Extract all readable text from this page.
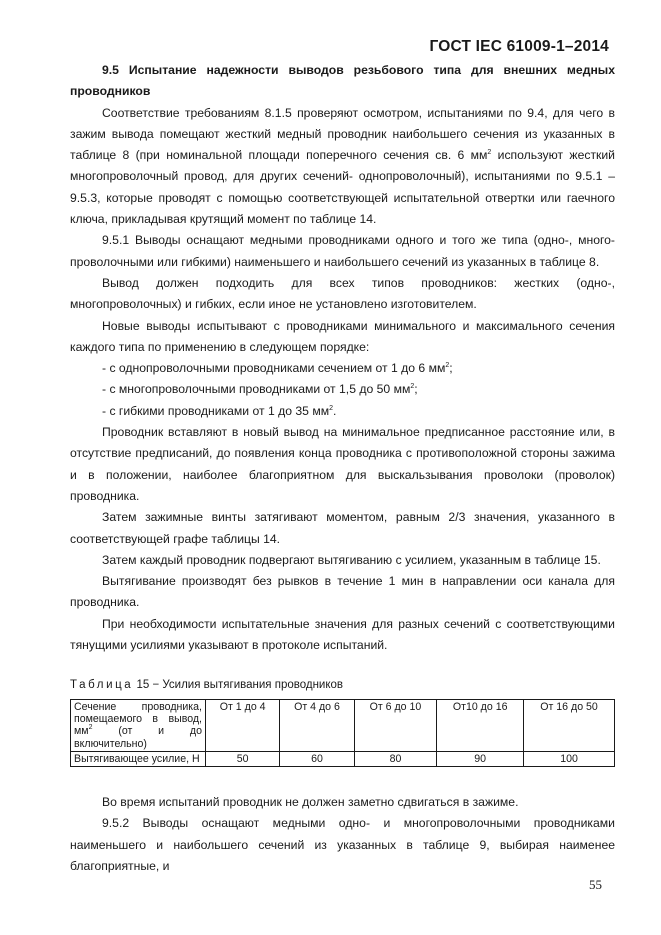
ГОСТ IEC 61009-1–2014

9.5 Испытание надежности выводов резьбового типа для внешних медных проводников

Соответствие требованиям 8.1.5 проверяют осмотром, испытаниями по 9.4, для чего в зажим вывода помещают жесткий медный проводник наибольшего сечения из указанных в таблице 8 (при номинальной площади поперечного сечения св. 6 $мм^2$ используют жесткий многопроволочный провод, для других сечений- однопроволочный), испытаниями по 9.5.1 – 9.5.3, которые проводят с помощью соответствующей испытательной отвертки или гаечного ключа, прикладывая крутящий момент по таблице 14.

9.5.1 Выводы оснащают медными проводниками одного и того же типа (одно-, много-проволочными или гибкими) наименьшего и наибольшего сечений из указанных в таблице 8.

Вывод должен подходить для всех типов проводников: жестких (одно-, многопроволочных) и гибких, если иное не установлено изготовителем.

Новые выводы испытывают с проводниками минимального и максимального сечения каждого типа по применению в следующем порядке:

- с однопроволочными проводниками сечением от 1 до 6 $мм^2$;

- с многопроволочными проводниками от 1,5 до 50 $мм^2$;

- с гибкими проводниками от 1 до 35 $мм^2$.

Проводник вставляют в новый вывод на минимальное предписанное расстояние или, в отсутствие предписаний, до появления конца проводника с противоположной стороны зажима и в положении, наиболее благоприятном для выскальзывания проволоки (проволок) проводника.

Затем зажимные винты затягивают моментом, равным 2/3 значения, указанного в соответствующей графе таблицы 14.

Затем каждый проводник подвергают вытягиванию с усилием, указанным в таблице 15.

Вытягивание производят без рывков в течение 1 мин в направлении оси канала для проводника.

При необходимости испытательные значения для разных сечений с соответствующими тянущими усилиями указывают в протоколе испытаний.

Таблица 15 − Усилия вытягивания проводников
Сечение проводника, помещаемого в вывод, $мм^2$ (от и до включительно)	От 1 до 4	От 4 до 6	От 6 до 10	От10 до 16	От 16 до 50
Вытягивающее усилие, Н	50	60	80	90	100

Во время испытаний проводник не должен заметно сдвигаться в зажиме.

9.5.2 Выводы оснащают медными одно- и многопроволочными проводниками наименьшего и наибольшего сечений из указанных в таблице 9, выбирая наименее благоприятные, и

55
